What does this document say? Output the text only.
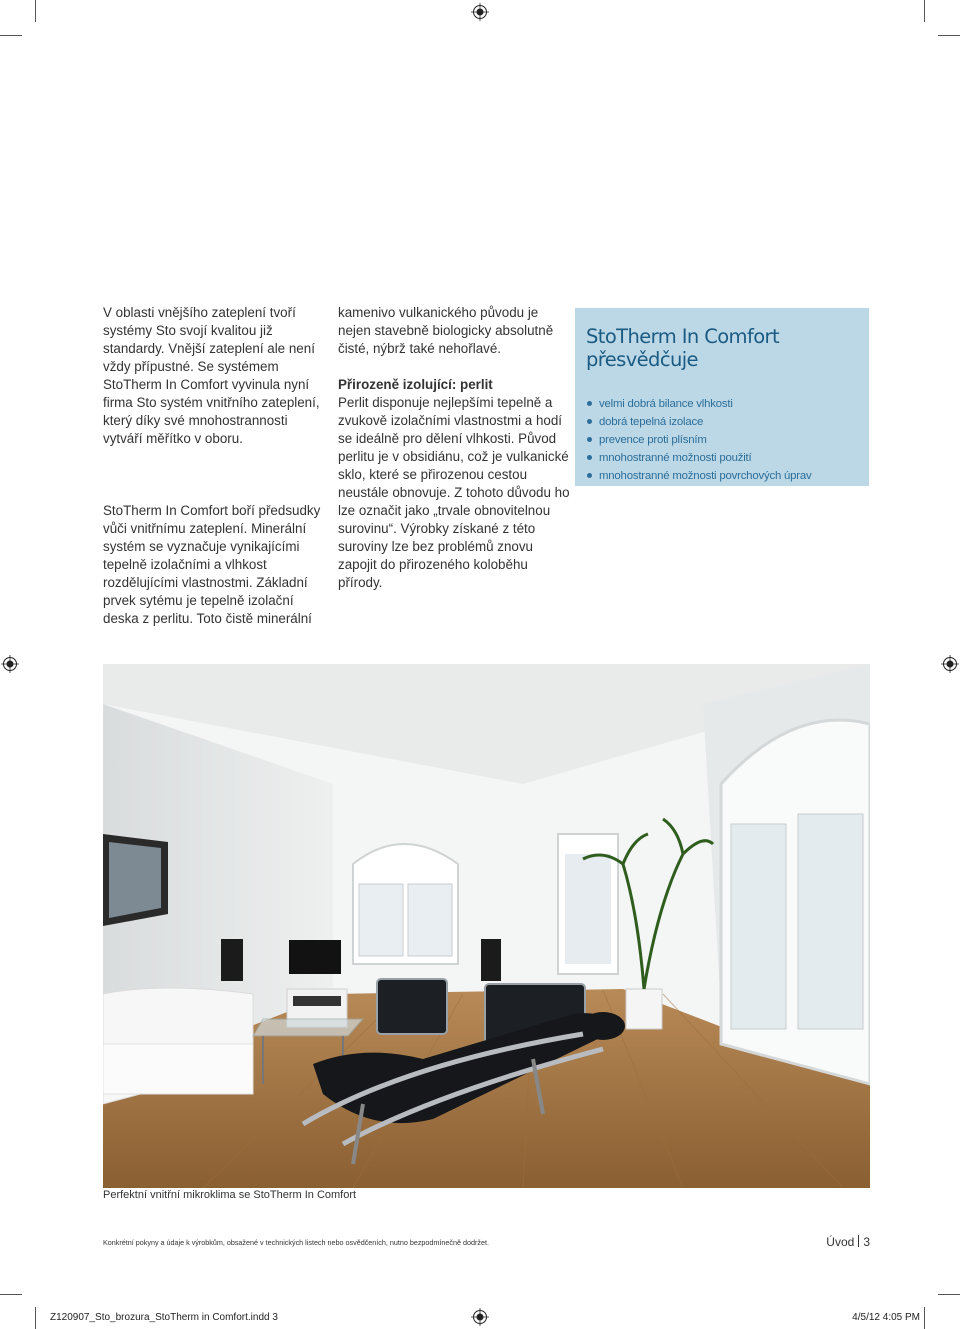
V oblasti vnějšího zateplení tvoří systémy Sto svojí kvalitou již standardy. Vnější zateplení ale není vždy přípustné. Se systémem StoTherm In Comfort vyvinula nyní firma Sto systém vnitřního zateplení, který díky své mnohostrannosti vytváří měřítko v oboru.

StoTherm In Comfort boří předsudky vůči vnitřnímu zateplení. Minerální systém se vyznačuje vynikajícími tepelně izolačními a vlhkost rozdělujícími vlastnostmi. Základní prvek sytému je tepelně izolační deska z perlitu. Toto čistě minerální

kamenivo vulkanického původu je nejen stavebně biologicky absolutně čisté, nýbrž také nehořlavé.

Přirozeně izolující: perlit

Perlit disponuje nejlepšími tepelně a zvukově izolačními vlastnostmi a hodí se ideálně pro dělení vlhkosti. Původ perlitu je v obsidiánu, což je vulkanické sklo, které se přirozenou cestou neustále obnovuje. Z tohoto důvodu ho lze označit jako „trvale obnovitelnou surovinu“. Výrobky získané z této suroviny lze bez problémů znovu zapojit do přirozeného koloběhu přírody.

StoTherm In Comfort přesvědčuje
velmi dobrá bilance vlhkosti
dobrá tepelná izolace
prevence proti plísním
mnohostranné možnosti použití
mnohostranné možnosti povrchových úprav
Perfektní vnitřní mikroklima se StoTherm In Comfort
Konkrétní pokyny a údaje k výrobkům, obsažené v technických listech nebo osvědčeních, nutno bezpodmínečně dodržet.	Úvod 3
Z120907_Sto_brozura_StoTherm in Comfort.indd 3	4/5/12 4:05 PM
